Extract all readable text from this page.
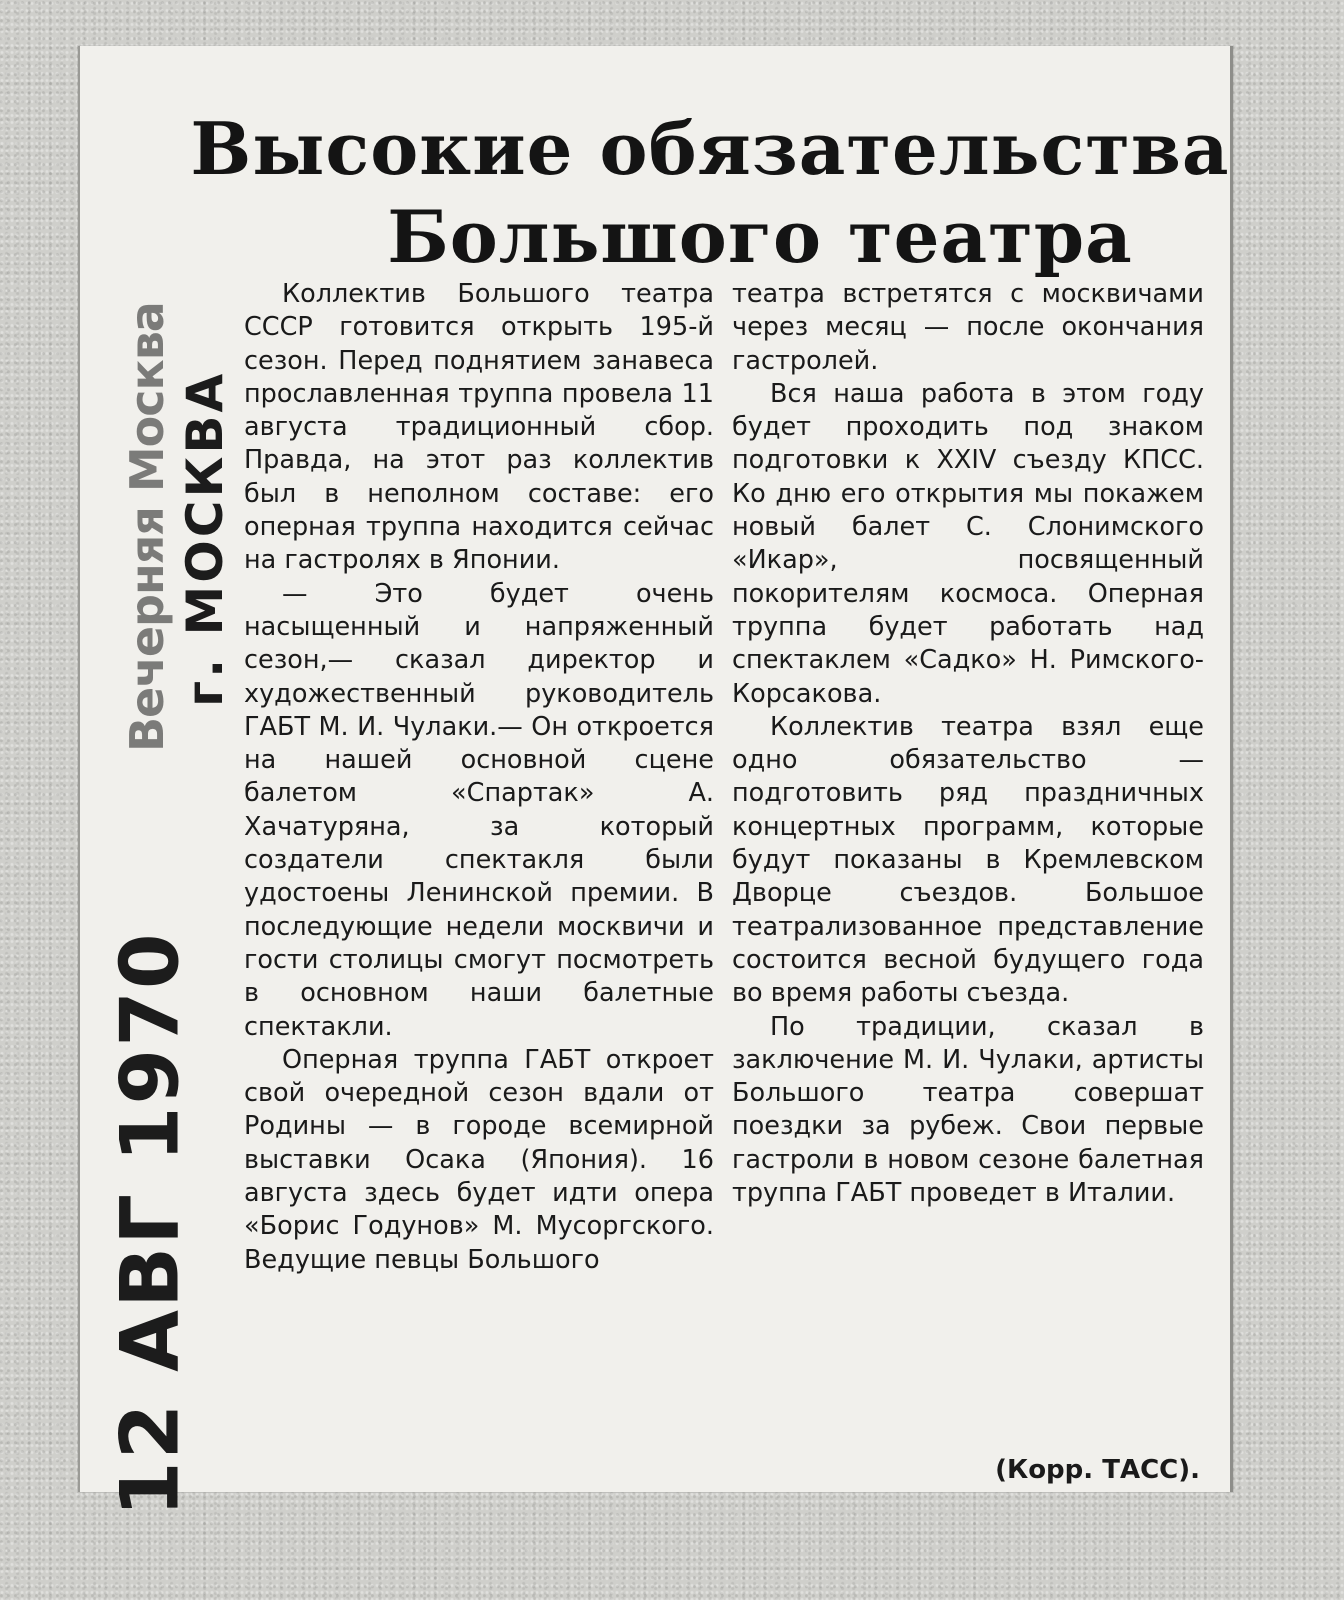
Высокие обязательства
Большого театра
Вечерняя Москва г. МОСКВА
12 АВГ 1970

Коллектив Большого театра СССР готовится открыть 195-й сезон. Перед поднятием занавеса прославленная труппа провела 11 августа традиционный сбор. Правда, на этот раз коллектив был в неполном составе: его оперная труппа находится сейчас на гастролях в Японии.

— Это будет очень насыщенный и напряженный сезон,— сказал директор и художественный руководитель ГАБТ М. И. Чулаки.— Он откроется на нашей основной сцене балетом «Спартак» А. Хачатуряна, за который создатели спектакля были удостоены Ленинской премии. В последующие недели москвичи и гости столицы смогут посмотреть в основном наши балетные спектакли.

Оперная труппа ГАБТ откроет свой очередной сезон вдали от Родины — в городе всемирной выставки Осака (Япония). 16 августа здесь будет идти опера «Борис Годунов» М. Мусоргского. Ведущие певцы Большого

театра встретятся с москвичами через месяц — после окончания гастролей.

Вся наша работа в этом году будет проходить под знаком подготовки к XXIV съезду КПСС. Ко дню его открытия мы покажем новый балет С. Слонимского «Икар», посвященный покорителям космоса. Оперная труппа будет работать над спектаклем «Садко» Н. Римского-Корсакова.

Коллектив театра взял еще одно обязательство — подготовить ряд праздничных концертных программ, которые будут показаны в Кремлевском Дворце съездов. Большое театрализованное представление состоится весной будущего года во время работы съезда.

По традиции, сказал в заключение М. И. Чулаки, артисты Большого театра совершат поездки за рубеж. Свои первые гастроли в новом сезоне балетная труппа ГАБТ проведет в Италии.

(Корр. ТАСС).
